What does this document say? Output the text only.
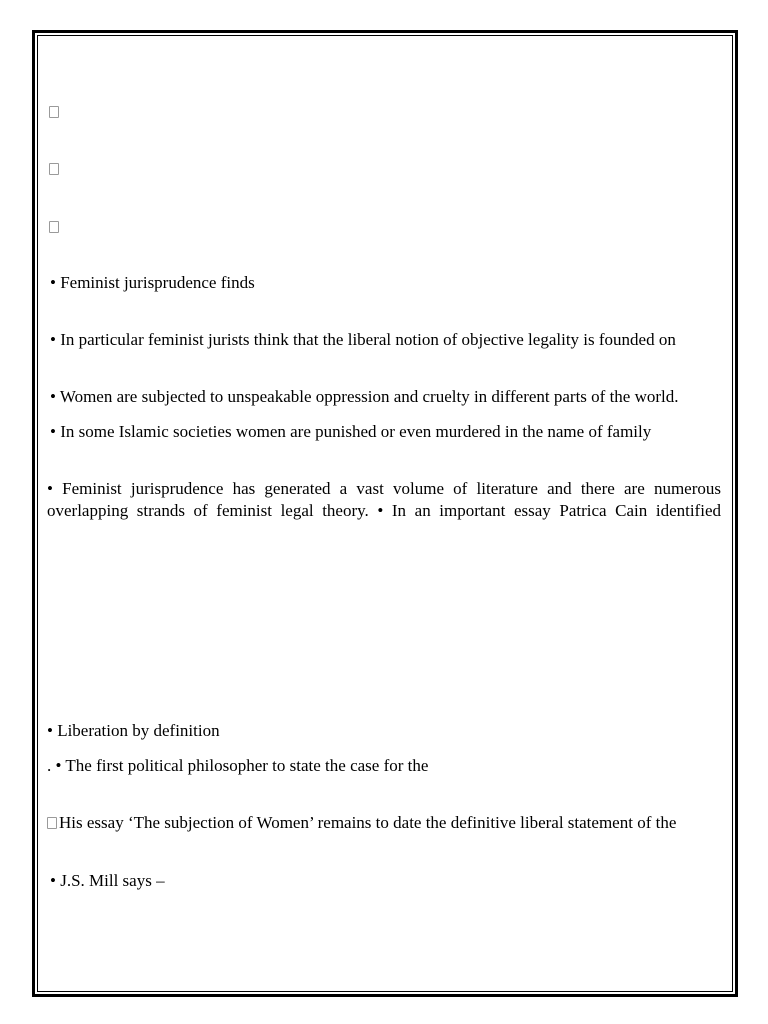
• Feminist jurisprudence finds
• In particular feminist jurists think that the liberal notion of objective legality is founded on
• Women are subjected to unspeakable oppression and cruelty in different parts of the world.
• In some Islamic societies women are punished or even murdered in the name of family
• Feminist jurisprudence has generated a vast volume of literature and there are numerous
overlapping strands of feminist legal theory. • In an important essay Patrica Cain identified
• Liberation by definition
. • The first political philosopher to state the case for the
His essay ‘The subjection of Women’ remains to date the definitive liberal statement of the
• J.S. Mill says –
